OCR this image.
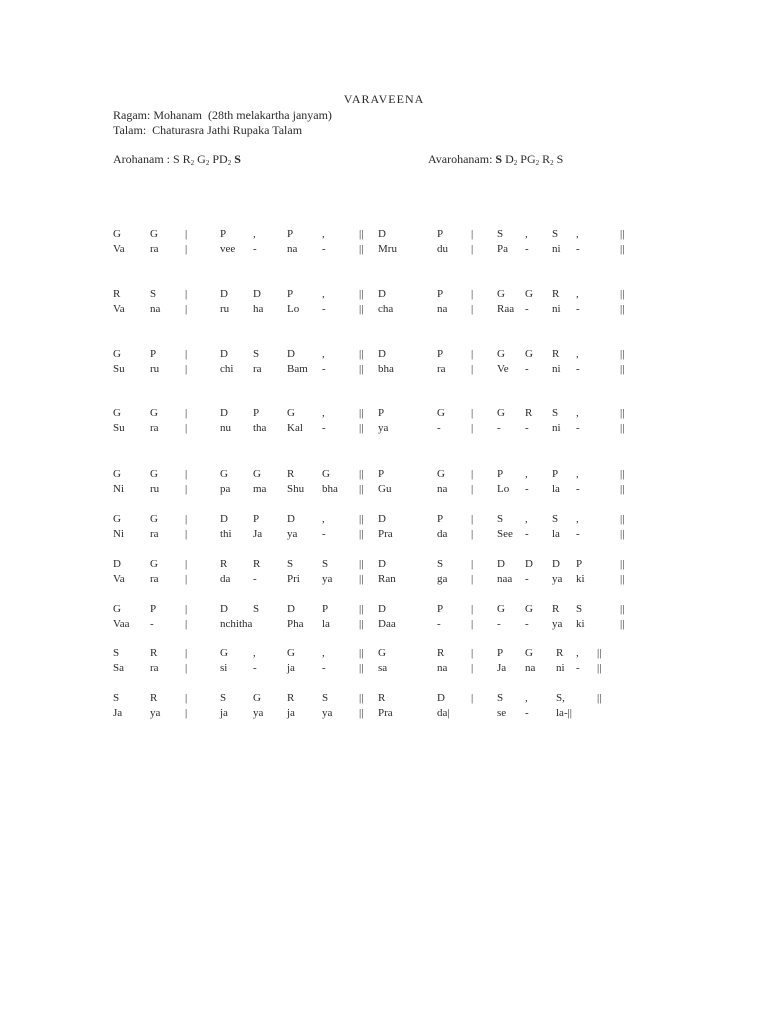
VARAVEENA
Ragam: Mohanam  (28th melakartha janyam)
Talam:  Chaturasra Jathi Rupaka Talam
Arohanam : S $R_2$ $G_2$ $PD_2$ S	Avarohanam: S $D_2$ $PG_2$ $R_2$ S
G	G |	P ,	P	,	|| D	P	| S , S ,	||
Va ra |	vee -	na -	|| Mru	du | Pa - ni -	||
R	S	|	D D P	,	|| D	P	| G G R ,	||
Va na |	ru ha Lo -	|| cha	na | Raa - ni -	||
G	P	|	D S	D ,	|| D	P	| G G R ,	||
Su ru |	chi ra Bam -	|| bha	ra | Ve - ni -	||
G	G |	D P	G ,	|| P	G | G R S ,	||
Su ra |	nu tha Kal -	|| ya	-	| - - ni -	||
G	G |	G G R	G	|| P	G | P , P ,	||
Ni ru |	pa ma Shu bha || Gu	na | Lo - la -	||
G	G |	D P	D ,	|| D	P	| S , S ,	||
Ni ra |	thi Ja ya -	|| Pra	da | See - la -	||
D	G |	R R S	S	|| D	S	| D D D P	||
Va ra |	da -	Pri ya || Ran	ga | naa - ya ki	||
G	P	|	D S	D P	|| D	P	| G G R S	||
Vaa -	|	nchitha	Pha la	|| Daa	-	| - - ya ki	||
S	R	|	G ,	G ,	|| G	R | P G R , ||
Sa ra |	si -	ja -	|| sa	na | Ja na ni - ||
S	R	|	S G R	S	|| R	D | S ,	S,	||
Ja	ya |	ja ya ja ya || Pra	da|	se - la-||
